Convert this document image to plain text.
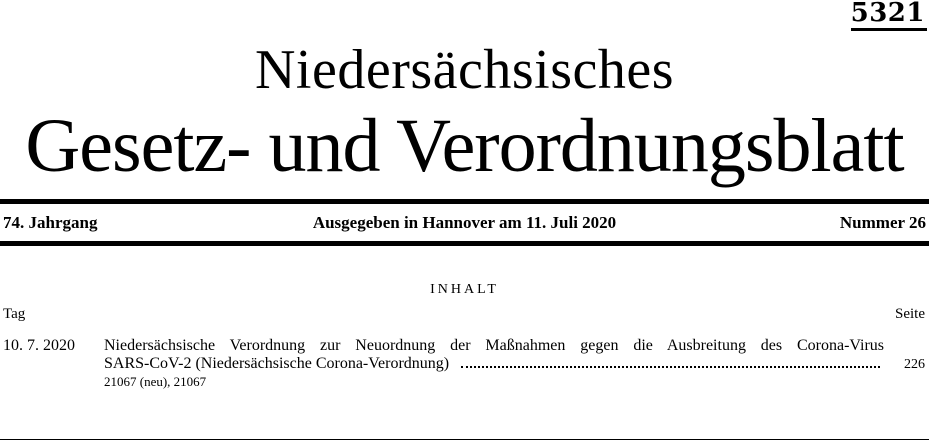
5321
Niedersächsisches
Gesetz- und Verordnungsblatt
74. Jahrgang	Ausgegeben in Hannover am 11. Juli 2020	Nummer 26
INHALT
Tag	Seite
10. 7. 2020 Niedersächsische Verordnung zur Neuordnung der Maßnahmen gegen die Ausbreitung des Corona-Virus
SARS-CoV-2 (Niedersächsische Corona-Verordnung)	226
21067 (neu), 21067
